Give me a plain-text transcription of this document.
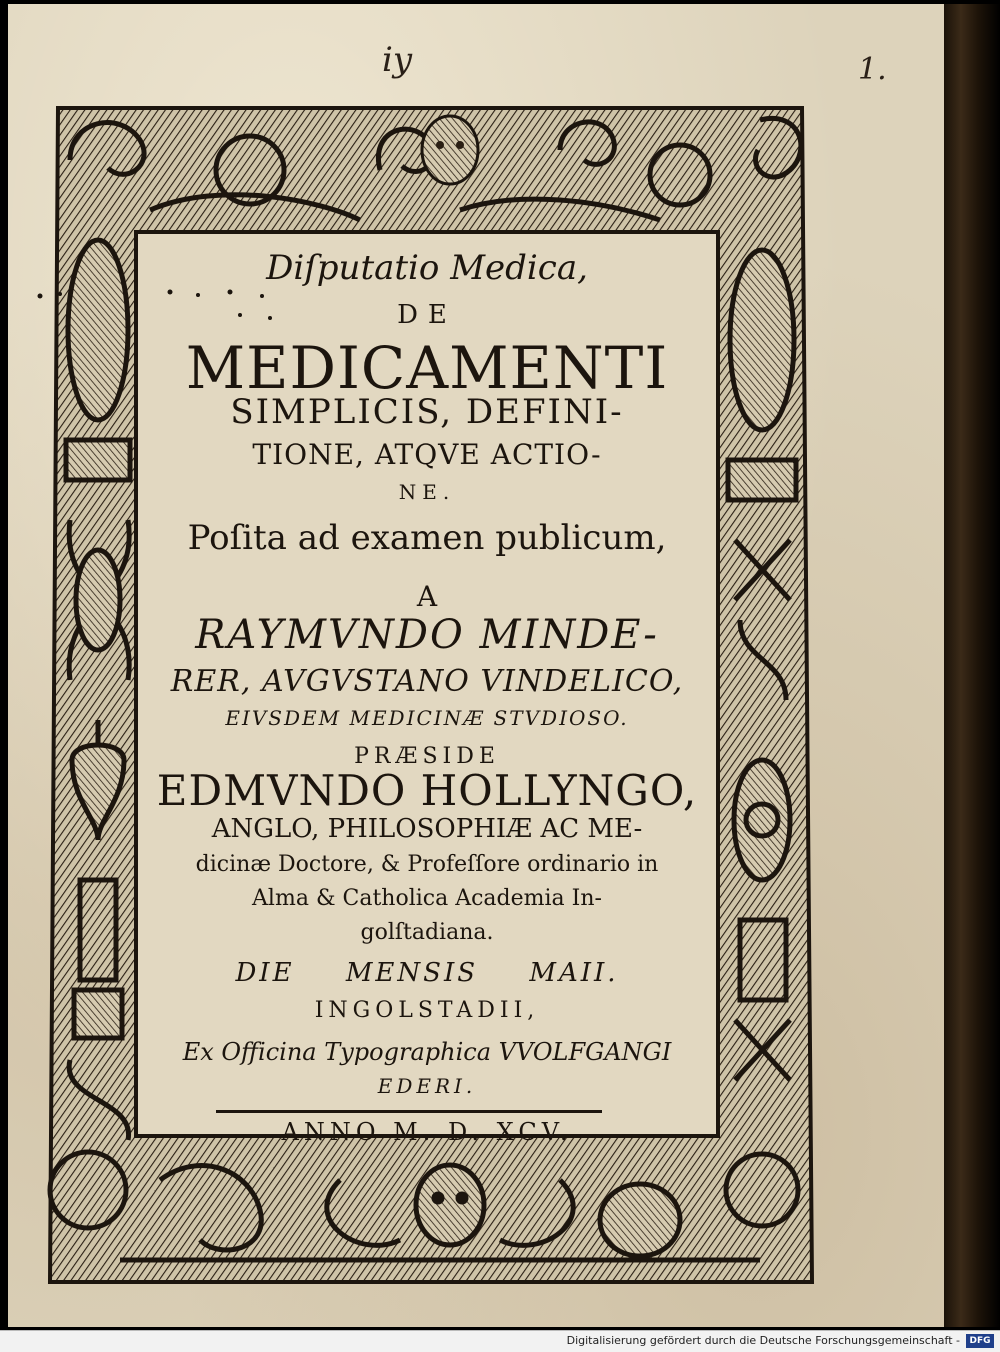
iy	1.

Diſputatio Medica,

DE

MEDICAMENTI

SIMPLICIS, DEFINI-

TIONE, ATQVE ACTIO-

NE.

Poſita ad examen publicum,

A

RAYMVNDO MINDE-

RER, AVGVSTANO VINDELICO,

EIVSDEM MEDICINÆ STVDIOSO.

PRÆSIDE

EDMVNDO HOLLYNGO,

ANGLO, PHILOSOPHIÆ AC ME-

dicinæ Doctore, & Profeſſore ordinario in

Alma & Catholica Academia In-

golſtadiana.

DIE MENSIS MAII.

INGOLSTADII,

Ex Officina Typographica VVOLFGANGI

EDERI.

ANNO M. D. XCV.

Digitalisierung gefördert durch die Deutsche Forschungsgemeinschaft -	DFG
